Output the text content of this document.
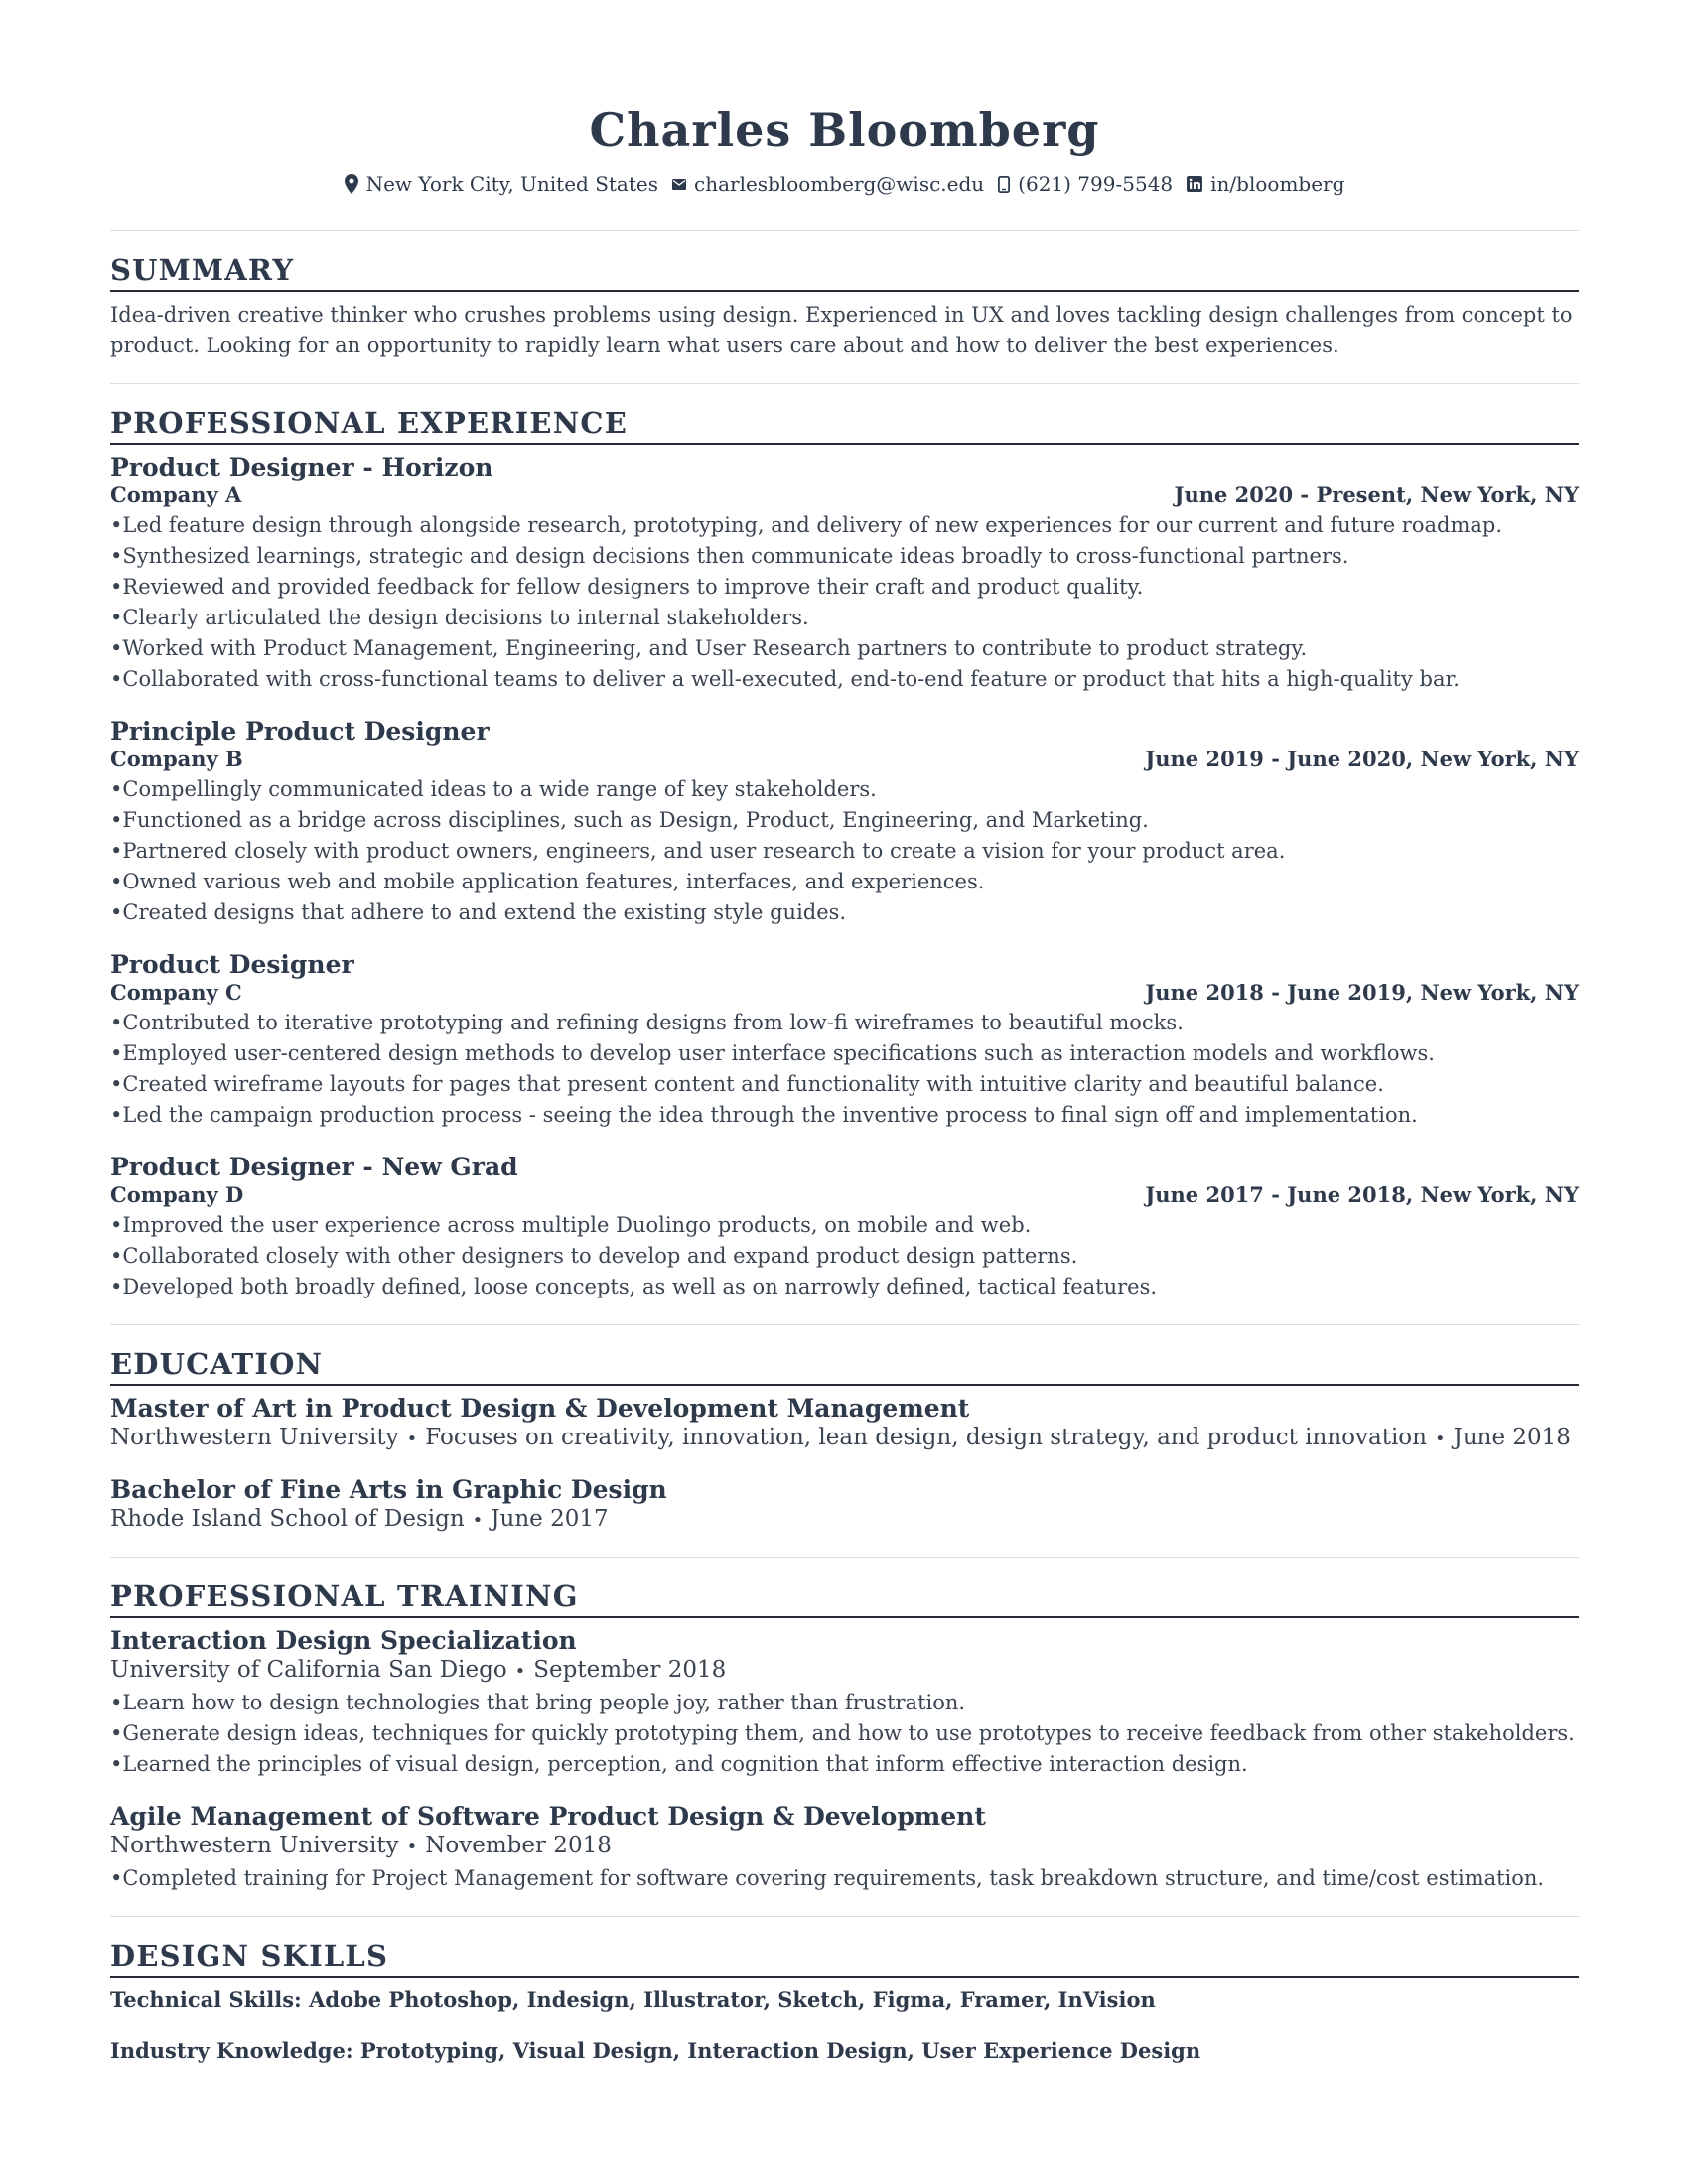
Charles Bloomberg
New York City, United States charlesbloomberg@wisc.edu (621) 799-5548 in/bloomberg
SUMMARY

Idea-driven creative thinker who crushes problems using design. Experienced in UX and loves tackling design challenges from concept to product. Looking for an opportunity to rapidly learn what users care about and how to deliver the best experiences.

PROFESSIONAL EXPERIENCE
Product Designer - Horizon
Company A	June 2020 - Present, New York, NY
• Led feature design through alongside research, prototyping, and delivery of new experiences for our current and future roadmap.
• Synthesized learnings, strategic and design decisions then communicate ideas broadly to cross-functional partners.
• Reviewed and provided feedback for fellow designers to improve their craft and product quality.
• Clearly articulated the design decisions to internal stakeholders.
• Worked with Product Management, Engineering, and User Research partners to contribute to product strategy.
• Collaborated with cross-functional teams to deliver a well-executed, end-to-end feature or product that hits a high-quality bar.
Principle Product Designer
Company B	June 2019 - June 2020, New York, NY
• Compellingly communicated ideas to a wide range of key stakeholders.
• Functioned as a bridge across disciplines, such as Design, Product, Engineering, and Marketing.
• Partnered closely with product owners, engineers, and user research to create a vision for your product area.
• Owned various web and mobile application features, interfaces, and experiences.
• Created designs that adhere to and extend the existing style guides.
Product Designer
Company C	June 2018 - June 2019, New York, NY
• Contributed to iterative prototyping and refining designs from low-fi wireframes to beautiful mocks.
• Employed user-centered design methods to develop user interface specifications such as interaction models and workflows.
• Created wireframe layouts for pages that present content and functionality with intuitive clarity and beautiful balance.
• Led the campaign production process - seeing the idea through the inventive process to final sign off and implementation.
Product Designer - New Grad
Company D	June 2017 - June 2018, New York, NY
• Improved the user experience across multiple Duolingo products, on mobile and web.
• Collaborated closely with other designers to develop and expand product design patterns.
• Developed both broadly defined, loose concepts, as well as on narrowly defined, tactical features.
EDUCATION
Master of Art in Product Design & Development Management
Northwestern University • Focuses on creativity, innovation, lean design, design strategy, and product innovation • June 2018
Bachelor of Fine Arts in Graphic Design
Rhode Island School of Design • June 2017
PROFESSIONAL TRAINING
Interaction Design Specialization
University of California San Diego • September 2018
• Learn how to design technologies that bring people joy, rather than frustration.
• Generate design ideas, techniques for quickly prototyping them, and how to use prototypes to receive feedback from other stakeholders.
• Learned the principles of visual design, perception, and cognition that inform effective interaction design.
Agile Management of Software Product Design & Development
Northwestern University • November 2018
• Completed training for Project Management for software covering requirements, task breakdown structure, and time/cost estimation.
DESIGN SKILLS
Technical Skills: Adobe Photoshop, Indesign, Illustrator, Sketch, Figma, Framer, InVision
Industry Knowledge: Prototyping, Visual Design, Interaction Design, User Experience Design
